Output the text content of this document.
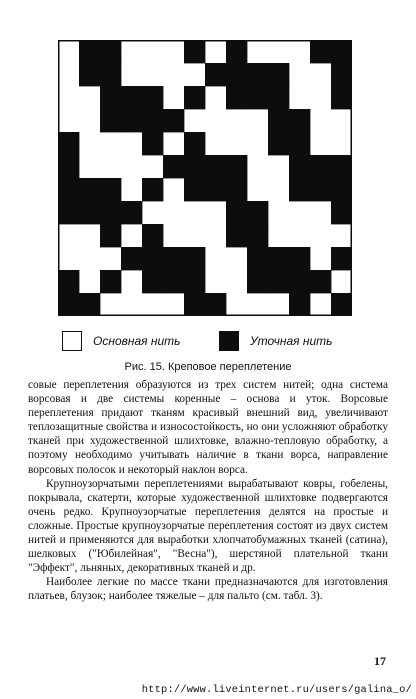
Основная нить	Уточная нить
Рис. 15. Креповое переплетение

совые переплетения образуются из трех систем нитей; одна система ворсовая и две системы коренные – основа и уток. Ворсовые переплетения придают тканям красивый внешний вид, увеличивают теплозащитные свойства и износостойкость, но они усложняют обработку тканей при художественной шлихтовке, влажно-тепловую обработку, а поэтому необходимо учитывать наличие в ткани ворса, направление ворсовых полосок и некоторый наклон ворса.

Крупноузорчатыми переплетениями вырабатывают ковры, гобелены, покрывала, скатерти, которые художественной шлихтовке подвергаются очень редко. Крупноузорчатые переплетения делятся на простые и сложные. Простые крупноузорчатые переплетения состоят из двух систем нитей и применяются для выработки хлопчатобумажных тканей (сатина), шелковых ("Юбилейная", "Весна"), шерстяной плательной ткани "Эффект", льняных, декоративных тканей и др.

Наиболее легкие по массе ткани предназначаются для изготовления платьев, блузок; наиболее тяжелые – для пальто (см. табл. 3).

17
http://www.liveinternet.ru/users/galina_o/
